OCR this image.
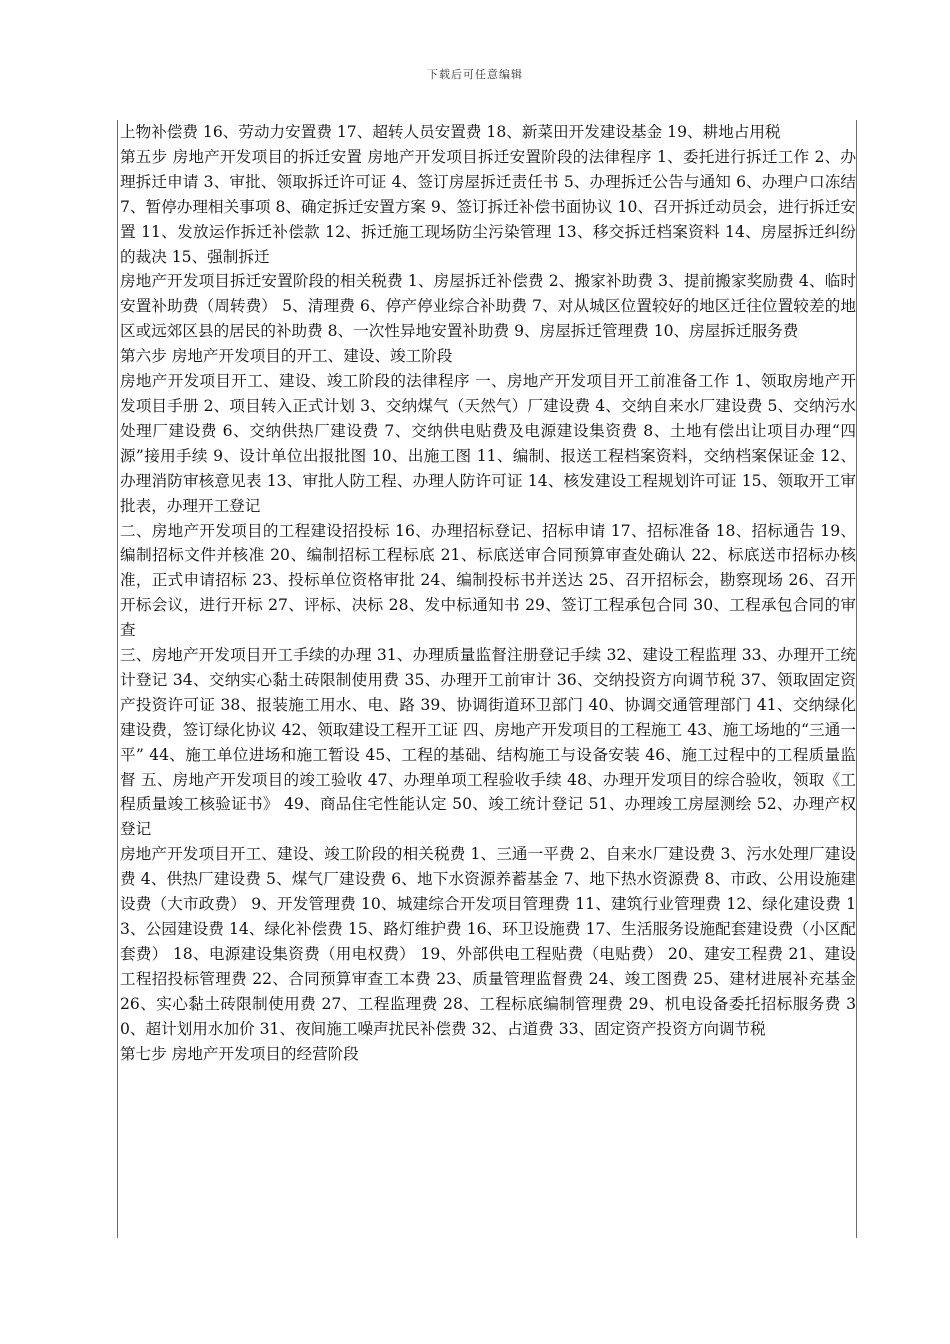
下载后可任意编辑

上物补偿费 16、劳动力安置费 17、超转人员安置费 18、新菜田开发建设基金 19、耕地占用税

第五步 房地产开发项目的拆迁安置 房地产开发项目拆迁安置阶段的法律程序 1、委托进行拆迁工作 2、办理拆迁申请 3、审批、领取拆迁许可证 4、签订房屋拆迁责任书 5、办理拆迁公告与通知 6、办理户口冻结 7、暂停办理相关事项 8、确定拆迁安置方案 9、签订拆迁补偿书面协议 10、召开拆迁动员会，进行拆迁安置 11、发放运作拆迁补偿款 12、拆迁施工现场防尘污染管理 13、移交拆迁档案资料 14、房屋拆迁纠纷的裁决 15、强制拆迁

房地产开发项目拆迁安置阶段的相关税费 1、房屋拆迁补偿费 2、搬家补助费 3、提前搬家奖励费 4、临时安置补助费（周转费） 5、清理费 6、停产停业综合补助费 7、对从城区位置较好的地区迁往位置较差的地区或远郊区县的居民的补助费 8、一次性异地安置补助费 9、房屋拆迁管理费 10、房屋拆迁服务费

第六步 房地产开发项目的开工、建设、竣工阶段

房地产开发项目开工、建设、竣工阶段的法律程序 一、房地产开发项目开工前准备工作 1、领取房地产开发项目手册 2、项目转入正式计划 3、交纳煤气（天然气）厂建设费 4、交纳自来水厂建设费 5、交纳污水处理厂建设费 6、交纳供热厂建设费 7、交纳供电贴费及电源建设集资费 8、土地有偿出让项目办理“四源”接用手续 9、设计单位出报批图 10、出施工图 11、编制、报送工程档案资料，交纳档案保证金 12、办理消防审核意见表 13、审批人防工程、办理人防许可证 14、核发建设工程规划许可证 15、领取开工审批表，办理开工登记

二、房地产开发项目的工程建设招投标 16、办理招标登记、招标申请 17、招标准备 18、招标通告 19、编制招标文件并核准 20、编制招标工程标底 21、标底送审合同预算审查处确认 22、标底送市招标办核准，正式申请招标 23、投标单位资格审批 24、编制投标书并送达 25、召开招标会，勘察现场 26、召开开标会议，进行开标 27、评标、决标 28、发中标通知书 29、签订工程承包合同 30、工程承包合同的审查

三、房地产开发项目开工手续的办理 31、办理质量监督注册登记手续 32、建设工程监理 33、办理开工统计登记 34、交纳实心黏土砖限制使用费 35、办理开工前审计 36、交纳投资方向调节税 37、领取固定资产投资许可证 38、报装施工用水、电、路 39、协调街道环卫部门 40、协调交通管理部门 41、交纳绿化建设费，签订绿化协议 42、领取建设工程开工证 四、房地产开发项目的工程施工 43、施工场地的“三通一平” 44、施工单位进场和施工暂设 45、工程的基础、结构施工与设备安装 46、施工过程中的工程质量监督 五、房地产开发项目的竣工验收 47、办理单项工程验收手续 48、办理开发项目的综合验收，领取《工程质量竣工核验证书》 49、商品住宅性能认定 50、竣工统计登记 51、办理竣工房屋测绘 52、办理产权登记

房地产开发项目开工、建设、竣工阶段的相关税费 1、三通一平费 2、自来水厂建设费 3、污水处理厂建设费 4、供热厂建设费 5、煤气厂建设费 6、地下水资源养蓄基金 7、地下热水资源费 8、市政、公用设施建设费（大市政费） 9、开发管理费 10、城建综合开发项目管理费 11、建筑行业管理费 12、绿化建设费 13、公园建设费 14、绿化补偿费 15、路灯维护费 16、环卫设施费 17、生活服务设施配套建设费（小区配套费） 18、电源建设集资费（用电权费） 19、外部供电工程贴费（电贴费） 20、建安工程费 21、建设工程招投标管理费 22、合同预算审查工本费 23、质量管理监督费 24、竣工图费 25、建材进展补充基金 26、实心黏土砖限制使用费 27、工程监理费 28、工程标底编制管理费 29、机电设备委托招标服务费 30、超计划用水加价 31、夜间施工噪声扰民补偿费 32、占道费 33、固定资产投资方向调节税

第七步 房地产开发项目的经营阶段
